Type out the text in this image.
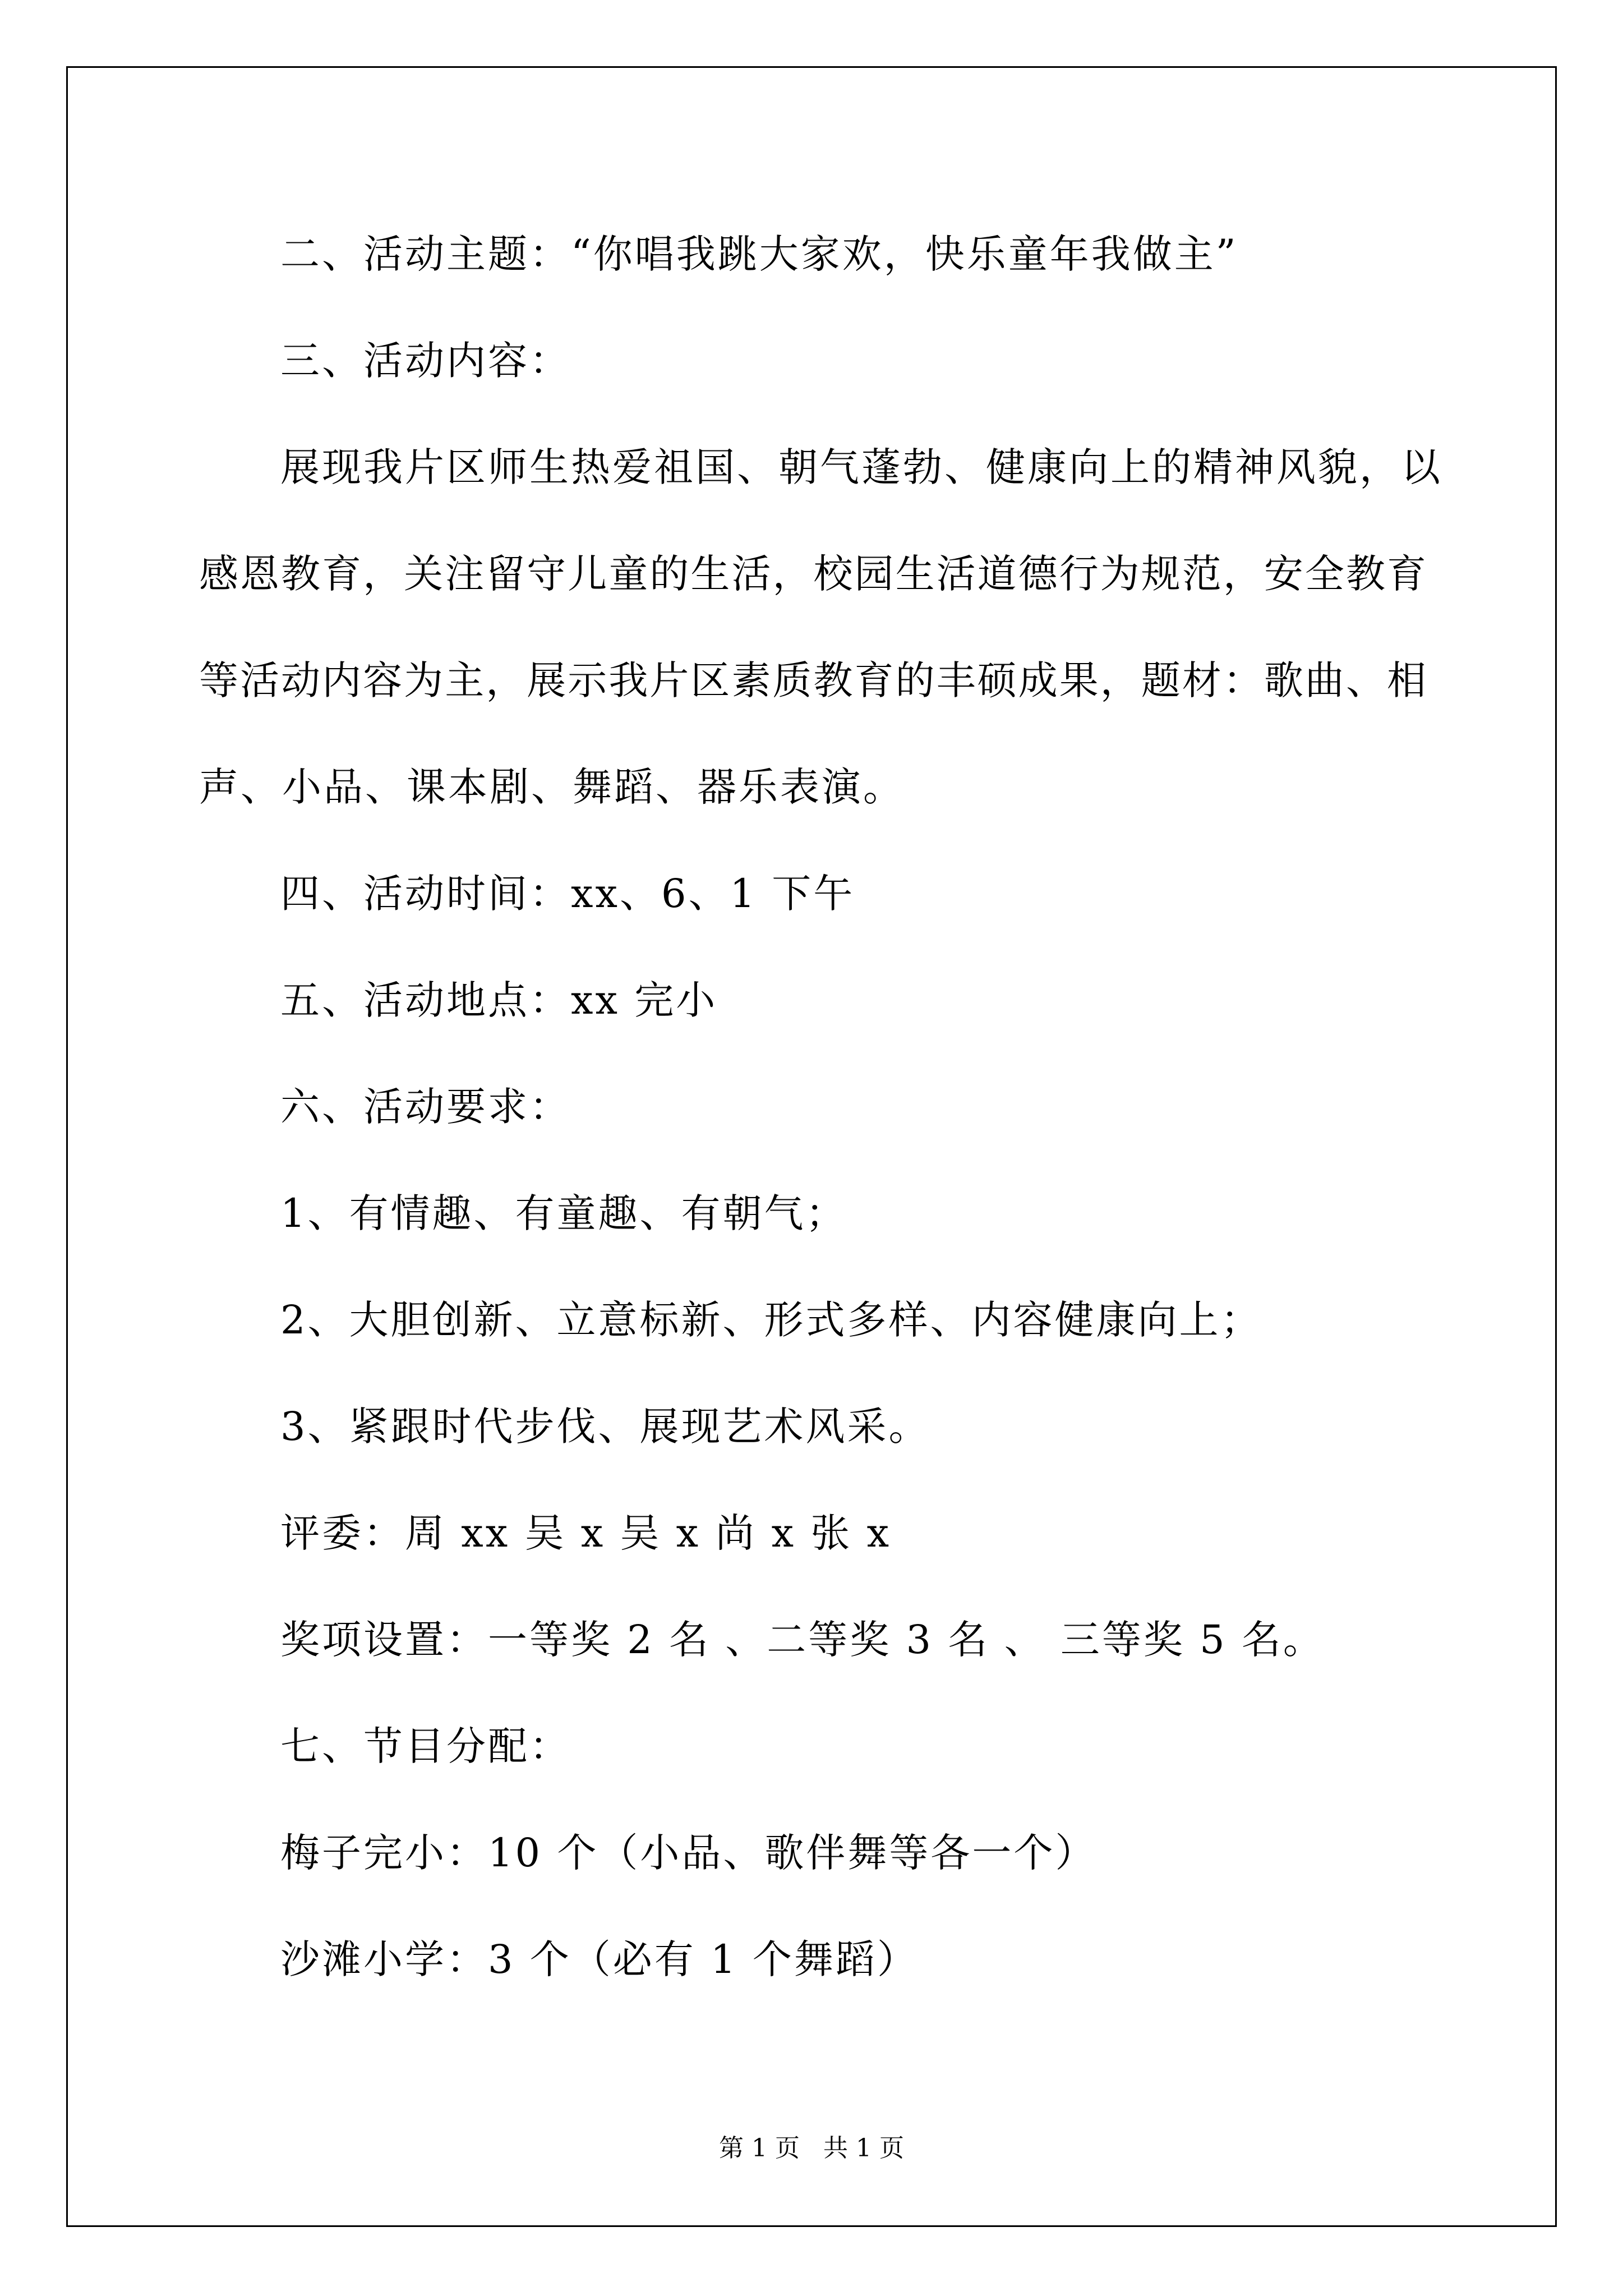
二、活动主题：“你唱我跳大家欢，快乐童年我做主”
三、活动内容：
展现我片区师生热爱祖国、朝气蓬勃、健康向上的精神风貌，以
感恩教育，关注留守儿童的生活，校园生活道德行为规范，安全教育
等活动内容为主，展示我片区素质教育的丰硕成果，题材：歌曲、相
声、小品、课本剧、舞蹈、器乐表演。
四、活动时间：xx、6、1 下午
五、活动地点：xx 完小
六、活动要求：
1、有情趣、有童趣、有朝气；
2、大胆创新、立意标新、形式多样、内容健康向上；
3、紧跟时代步伐、展现艺术风采。
评委：周 xx 吴 x 吴 x 尚 x 张 x
奖项设置：一等奖 2 名 、二等奖 3 名 、 三等奖 5 名。
七、节目分配：
梅子完小：10 个（小品、歌伴舞等各一个）
沙滩小学：3 个（必有 1 个舞蹈）
第 1 页   共 1 页
